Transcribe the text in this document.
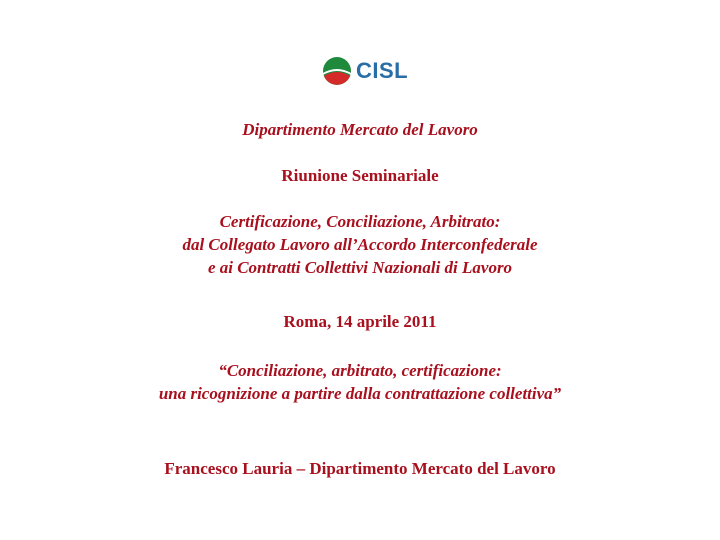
CISL
Dipartimento Mercato del Lavoro
Riunione Seminariale
Certificazione, Conciliazione, Arbitrato:
dal Collegato Lavoro all’Accordo Interconfederale
e ai Contratti Collettivi Nazionali di Lavoro
Roma, 14 aprile 2011
“Conciliazione, arbitrato, certificazione:
una ricognizione a partire dalla contrattazione collettiva”
Francesco Lauria – Dipartimento Mercato del Lavoro
